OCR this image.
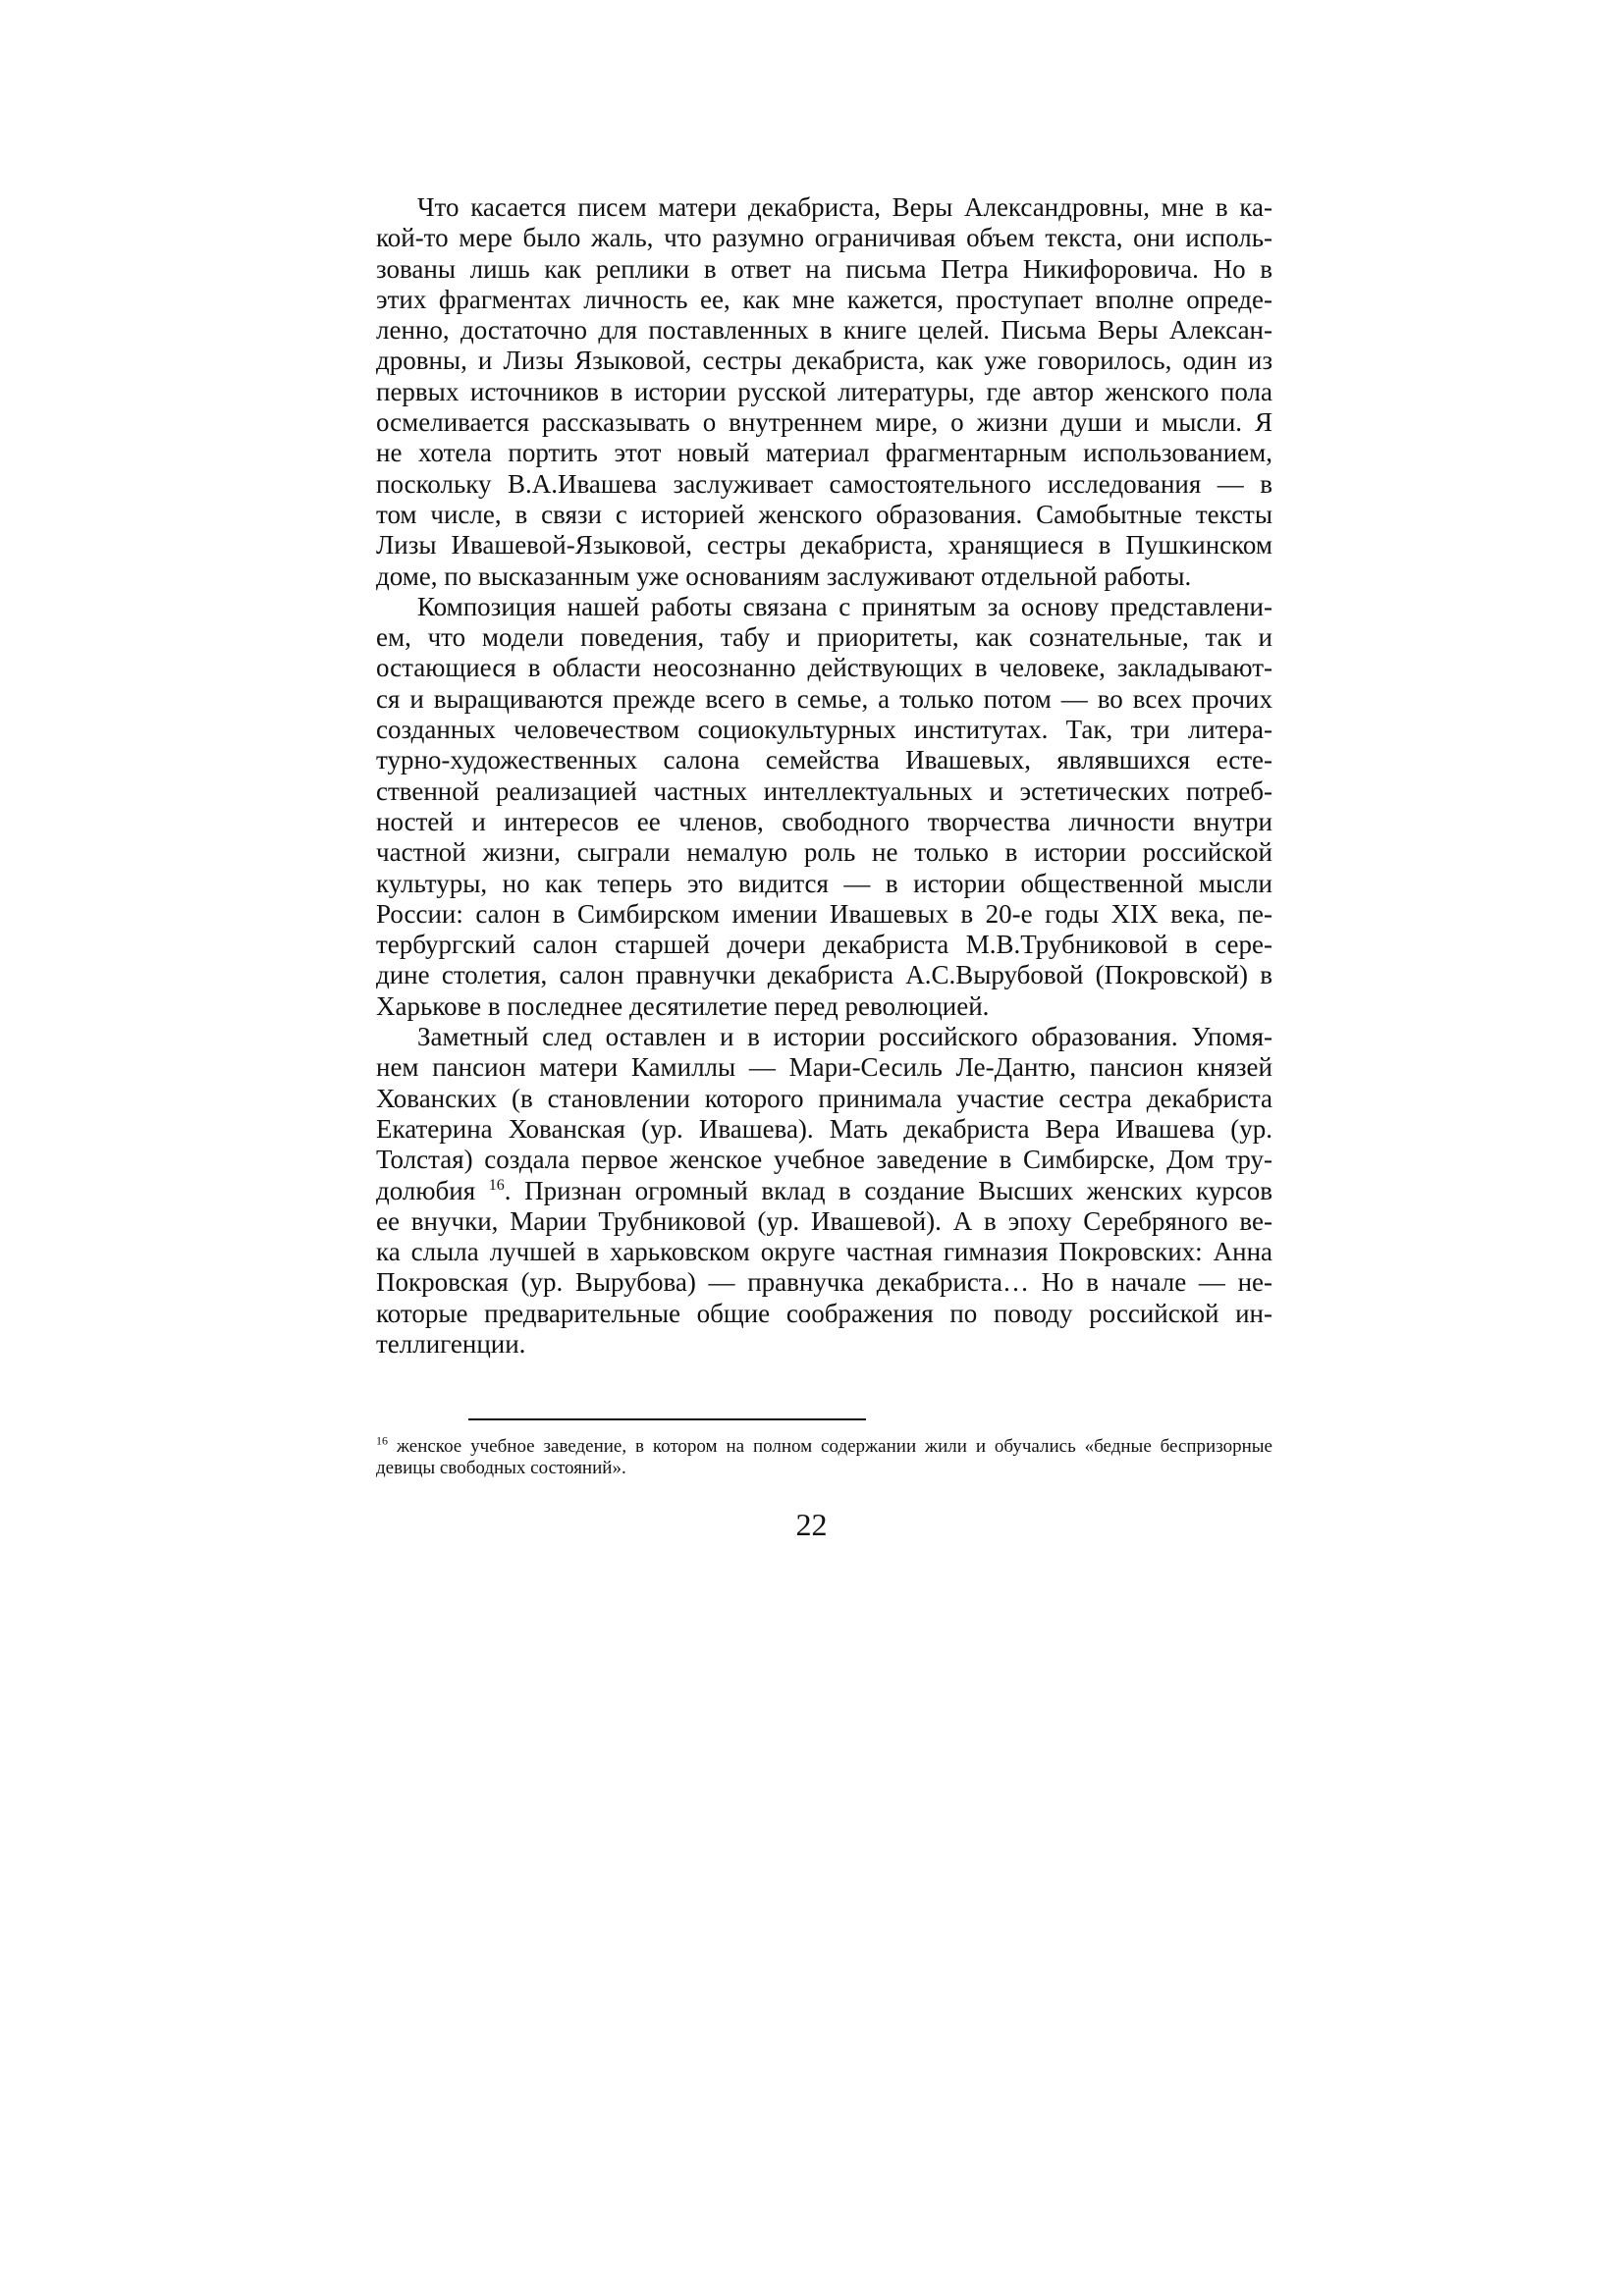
Что касается писем матери декабриста, Веры Александровны, мне в ка-
кой-то мере было жаль, что разумно ограничивая объем текста, они исполь-
зованы лишь как реплики в ответ на письма Петра Никифоровича. Но в
этих фрагментах личность ее, как мне кажется, проступает вполне опреде-
ленно, достаточно для поставленных в книге целей. Письма Веры Алексан-
дровны, и Лизы Языковой, сестры декабриста, как уже говорилось, один из
первых источников в истории русской литературы, где автор женского пола
осмеливается рассказывать о внутреннем мире, о жизни души и мысли. Я
не хотела портить этот новый материал фрагментарным использованием,
поскольку В.А.Ивашева заслуживает самостоятельного исследования — в
том числе, в связи с историей женского образования. Самобытные тексты
Лизы Ивашевой-Языковой, сестры декабриста, хранящиеся в Пушкинском
доме, по высказанным уже основаниям заслуживают отдельной работы.
Композиция нашей работы связана с принятым за основу представлени-
ем, что модели поведения, табу и приоритеты, как сознательные, так и
остающиеся в области неосознанно действующих в человеке, закладывают-
ся и выращиваются прежде всего в семье, а только потом — во всех прочих
созданных человечеством социокультурных институтах. Так, три литера-
турно-художественных салона семейства Ивашевых, являвшихся есте-
ственной реализацией частных интеллектуальных и эстетических потреб-
ностей и интересов ее членов, свободного творчества личности внутри
частной жизни, сыграли немалую роль не только в истории российской
культуры, но как теперь это видится — в истории общественной мысли
России: салон в Симбирском имении Ивашевых в 20-е годы XIX века, пе-
тербургский салон старшей дочери декабриста М.В.Трубниковой в сере-
дине столетия, салон правнучки декабриста А.С.Вырубовой (Покровской) в
Харькове в последнее десятилетие перед революцией.
Заметный след оставлен и в истории российского образования. Упомя-
нем пансион матери Камиллы — Мари-Сесиль Ле-Дантю, пансион князей
Хованских (в становлении которого принимала участие сестра декабриста
Екатерина Хованская (ур. Ивашева). Мать декабриста Вера Ивашева (ур.
Толстая) создала первое женское учебное заведение в Симбирске, Дом тру-
долюбия $^{16}$. Признан огромный вклад в создание Высших женских курсов
ее внучки, Марии Трубниковой (ур. Ивашевой). А в эпоху Серебряного ве-
ка слыла лучшей в харьковском округе частная гимназия Покровских: Анна
Покровская (ур. Вырубова) — правнучка декабриста… Но в начале — не-
которые предварительные общие соображения по поводу российской ин-
теллигенции.
$^{16}$ женское учебное заведение, в котором на полном содержании жили и обучались «бедные беспризорные девицы свободных состояний».
22
